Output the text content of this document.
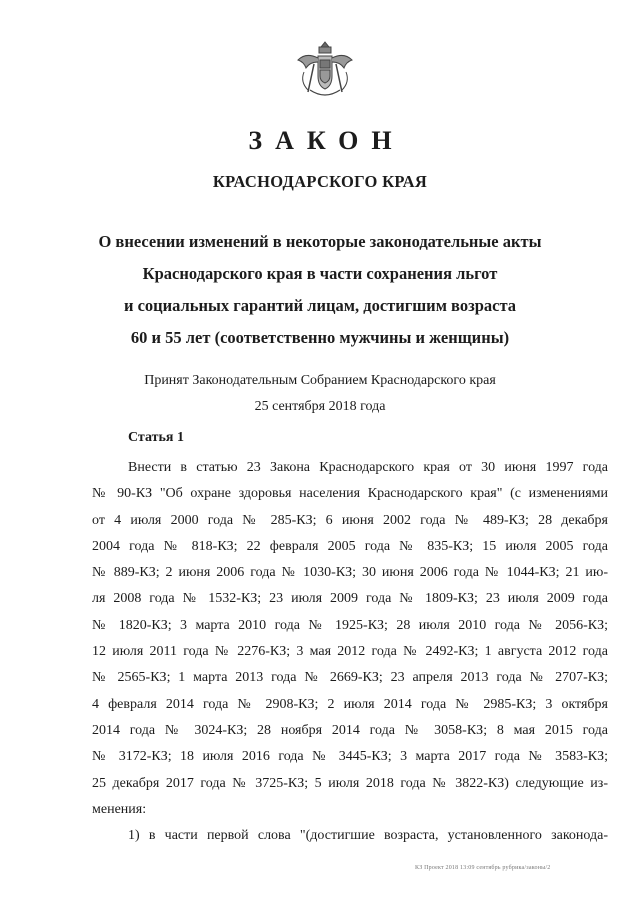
ЗАКОН
КРАСНОДАРСКОГО КРАЯ
О внесении изменений в некоторые законодательные акты
Краснодарского края в части сохранения льгот
и социальных гарантий лицам, достигшим возраста
60 и 55 лет (соответственно мужчины и женщины)
Принят Законодательным Собранием Краснодарского края
25 сентября 2018 года
Статья 1
Внести в статью 23 Закона Краснодарского края от 30 июня 1997 года
№ 90-КЗ "Об охране здоровья населения Краснодарского края" (с изменениями
от 4 июля 2000 года № 285-КЗ; 6 июня 2002 года № 489-КЗ; 28 декабря
2004 года № 818-КЗ; 22 февраля 2005 года № 835-КЗ; 15 июля 2005 года
№ 889-КЗ; 2 июня 2006 года № 1030-КЗ; 30 июня 2006 года № 1044-КЗ; 21 ию-
ля 2008 года № 1532-КЗ; 23 июля 2009 года № 1809-КЗ; 23 июля 2009 года
№ 1820-КЗ; 3 марта 2010 года № 1925-КЗ; 28 июля 2010 года № 2056-КЗ;
12 июля 2011 года № 2276-КЗ; 3 мая 2012 года № 2492-КЗ; 1 августа 2012 года
№ 2565-КЗ; 1 марта 2013 года № 2669-КЗ; 23 апреля 2013 года № 2707-КЗ;
4 февраля 2014 года № 2908-КЗ; 2 июля 2014 года № 2985-КЗ; 3 октября
2014 года № 3024-КЗ; 28 ноября 2014 года № 3058-КЗ; 8 мая 2015 года
№ 3172-КЗ; 18 июля 2016 года № 3445-КЗ; 3 марта 2017 года № 3583-КЗ;
25 декабря 2017 года № 3725-КЗ; 5 июля 2018 года № 3822-КЗ) следующие из-
менения:
1) в части первой слова "(достигшие возраста, установленного законода-
КЗ Проект 2018 13:09 сентябрь рубрика/законы/2
